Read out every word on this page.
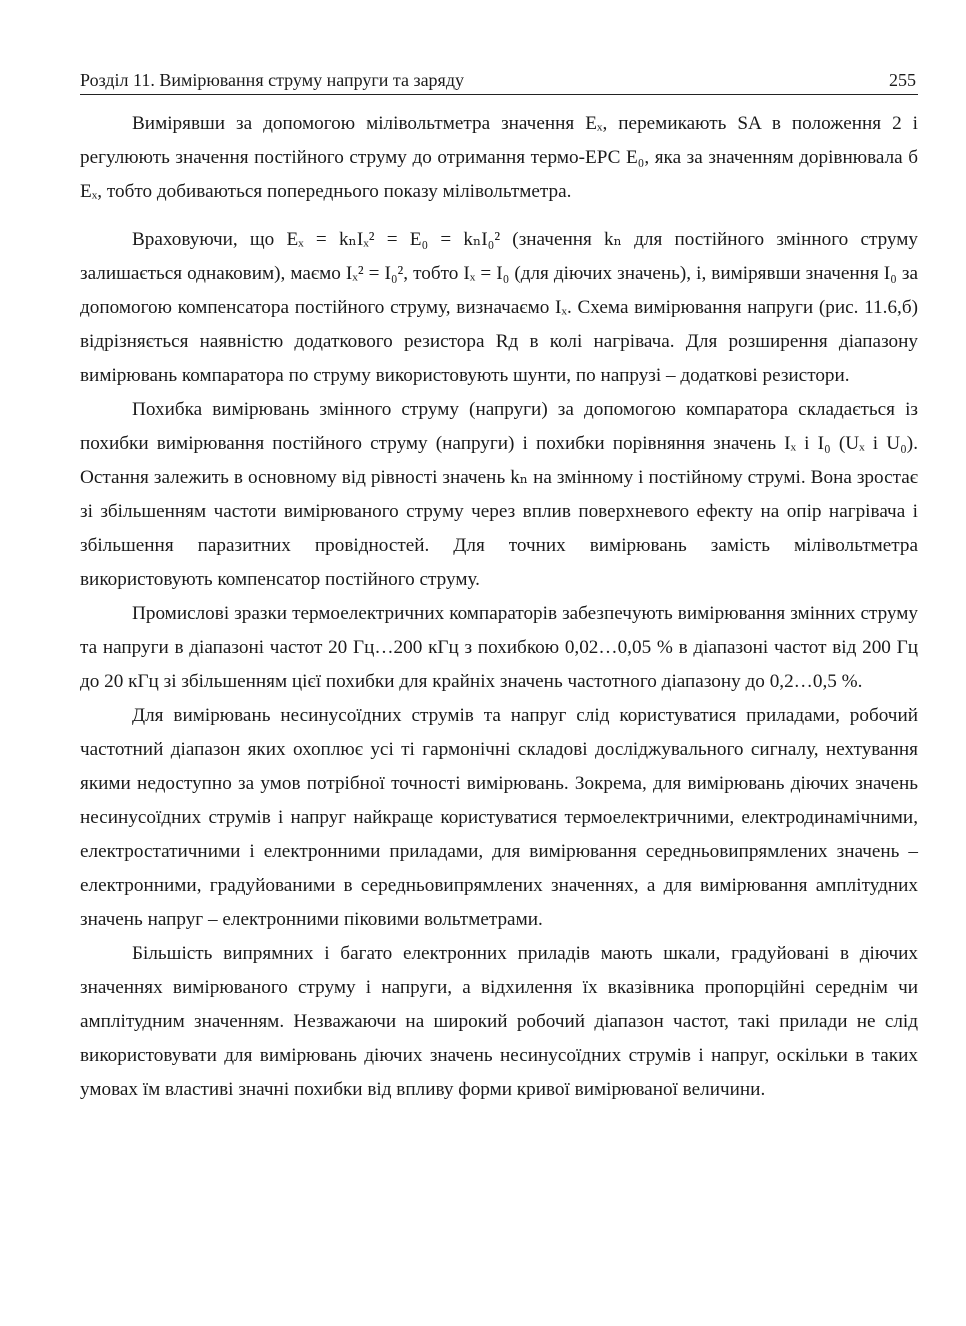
Розділ 11. Вимірювання струму напруги та заряду	255

Вимірявши за допомогою мілівольтметра значення Eₓ, перемикають SA в положення 2 і регулюють значення постійного струму до отримання термо-ЕРС E₀, яка за значенням дорівнювала б Eₓ, тобто добиваються попереднього показу мілівольтметра.

Враховуючи, що Eₓ = kₙIₓ² = E₀ = kₙI₀² (значення kₙ для постійного змінного струму залишається однаковим), маємо Iₓ² = I₀², тобто Iₓ = I₀ (для діючих значень), і, вимірявши значення I₀ за допомогою компенсатора постійного струму, визначаємо Iₓ. Схема вимірювання напруги (рис. 11.6,б) відрізняється наявністю додаткового резистора Rд в колі нагрівача. Для розширення діапазону вимірювань компаратора по струму використовують шунти, по напрузі – додаткові резистори.

Похибка вимірювань змінного струму (напруги) за допомогою компаратора складається із похибки вимірювання постійного струму (напруги) і похибки порівняння значень Iₓ і I₀ (Uₓ і U₀). Остання залежить в основному від рівності значень kₙ на змінному і постійному струмі. Вона зростає зі збільшенням частоти вимірюваного струму через вплив поверхневого ефекту на опір нагрівача і збільшення паразитних провідностей. Для точних вимірювань замість мілівольтметра використовують компенсатор постійного струму.

Промислові зразки термоелектричних компараторів забезпечують вимірювання змінних струму та напруги в діапазоні частот 20 Гц…200 кГц з похибкою 0,02…0,05 % в діапазоні частот від 200 Гц до 20 кГц зі збільшенням цієї похибки для крайніх значень частотного діапазону до 0,2…0,5 %.

Для вимірювань несинусоїдних струмів та напруг слід користуватися приладами, робочий частотний діапазон яких охоплює усі ті гармонічні складові досліджувального сигналу, нехтування якими недоступно за умов потрібної точності вимірювань. Зокрема, для вимірювань діючих значень несинусоїдних струмів і напруг найкраще користуватися термоелектричними, електродинамічними, електростатичними і електронними приладами, для вимірювання середньовипрямлених значень – електронними, градуйованими в середньовипрямлених значеннях, а для вимірювання амплітудних значень напруг – електронними піковими вольтметрами.

Більшість випрямних і багато електронних приладів мають шкали, градуйовані в діючих значеннях вимірюваного струму і напруги, а відхилення їх вказівника пропорційні середнім чи амплітудним значенням. Незважаючи на широкий робочий діапазон частот, такі прилади не слід використовувати для вимірювань діючих значень несинусоїдних струмів і напруг, оскільки в таких умовах їм властиві значні похибки від впливу форми кривої вимірюваної величини.
